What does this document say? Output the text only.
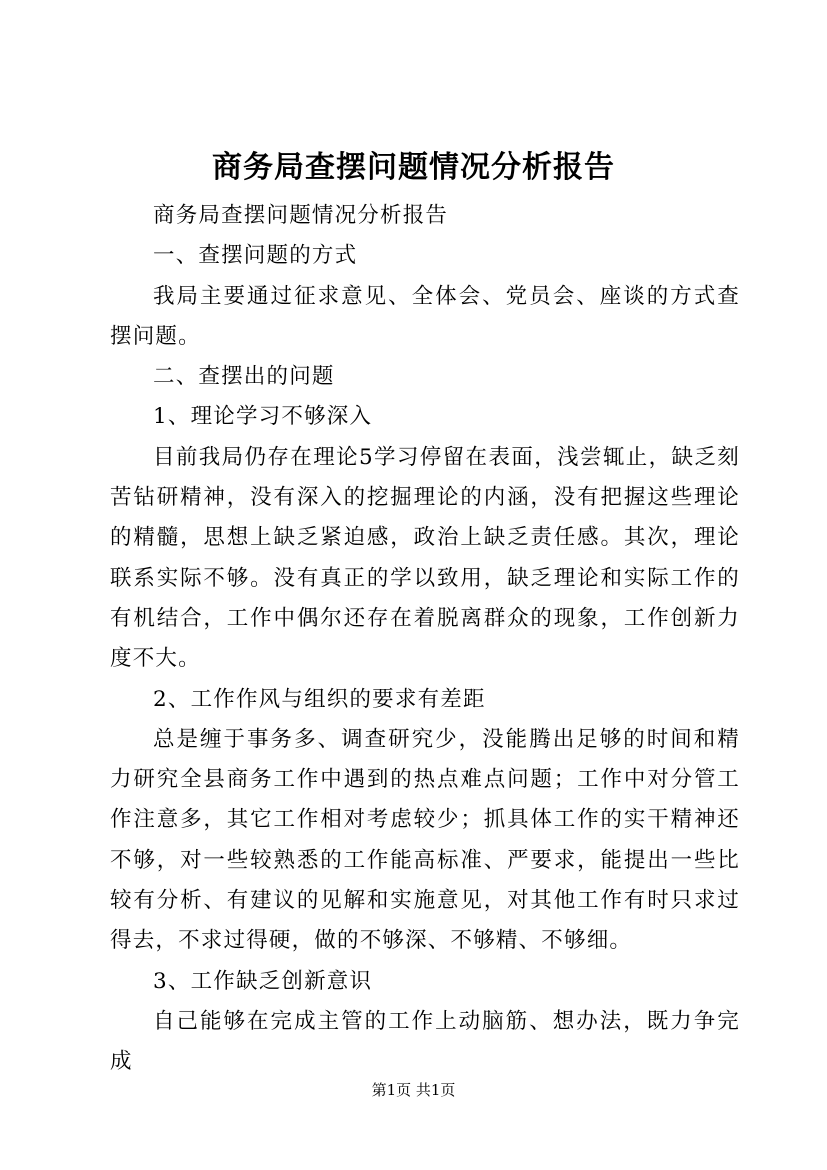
商务局查摆问题情况分析报告

商务局查摆问题情况分析报告

一、查摆问题的方式

我局主要通过征求意见、全体会、党员会、座谈的方式查摆问题。

二、查摆出的问题

1、理论学习不够深入

目前我局仍存在理论5学习停留在表面，浅尝辄止，缺乏刻苦钻研精神，没有深入的挖掘理论的内涵，没有把握这些理论的精髓，思想上缺乏紧迫感，政治上缺乏责任感。其次，理论联系实际不够。没有真正的学以致用，缺乏理论和实际工作的有机结合，工作中偶尔还存在着脱离群众的现象，工作创新力度不大。

2、工作作风与组织的要求有差距

总是缠于事务多、调查研究少，没能腾出足够的时间和精力研究全县商务工作中遇到的热点难点问题；工作中对分管工作注意多，其它工作相对考虑较少；抓具体工作的实干精神还不够，对一些较熟悉的工作能高标准、严要求，能提出一些比较有分析、有建议的见解和实施意见，对其他工作有时只求过得去，不求过得硬，做的不够深、不够精、不够细。

3、工作缺乏创新意识

自己能够在完成主管的工作上动脑筋、想办法，既力争完成

第1页 共1页
